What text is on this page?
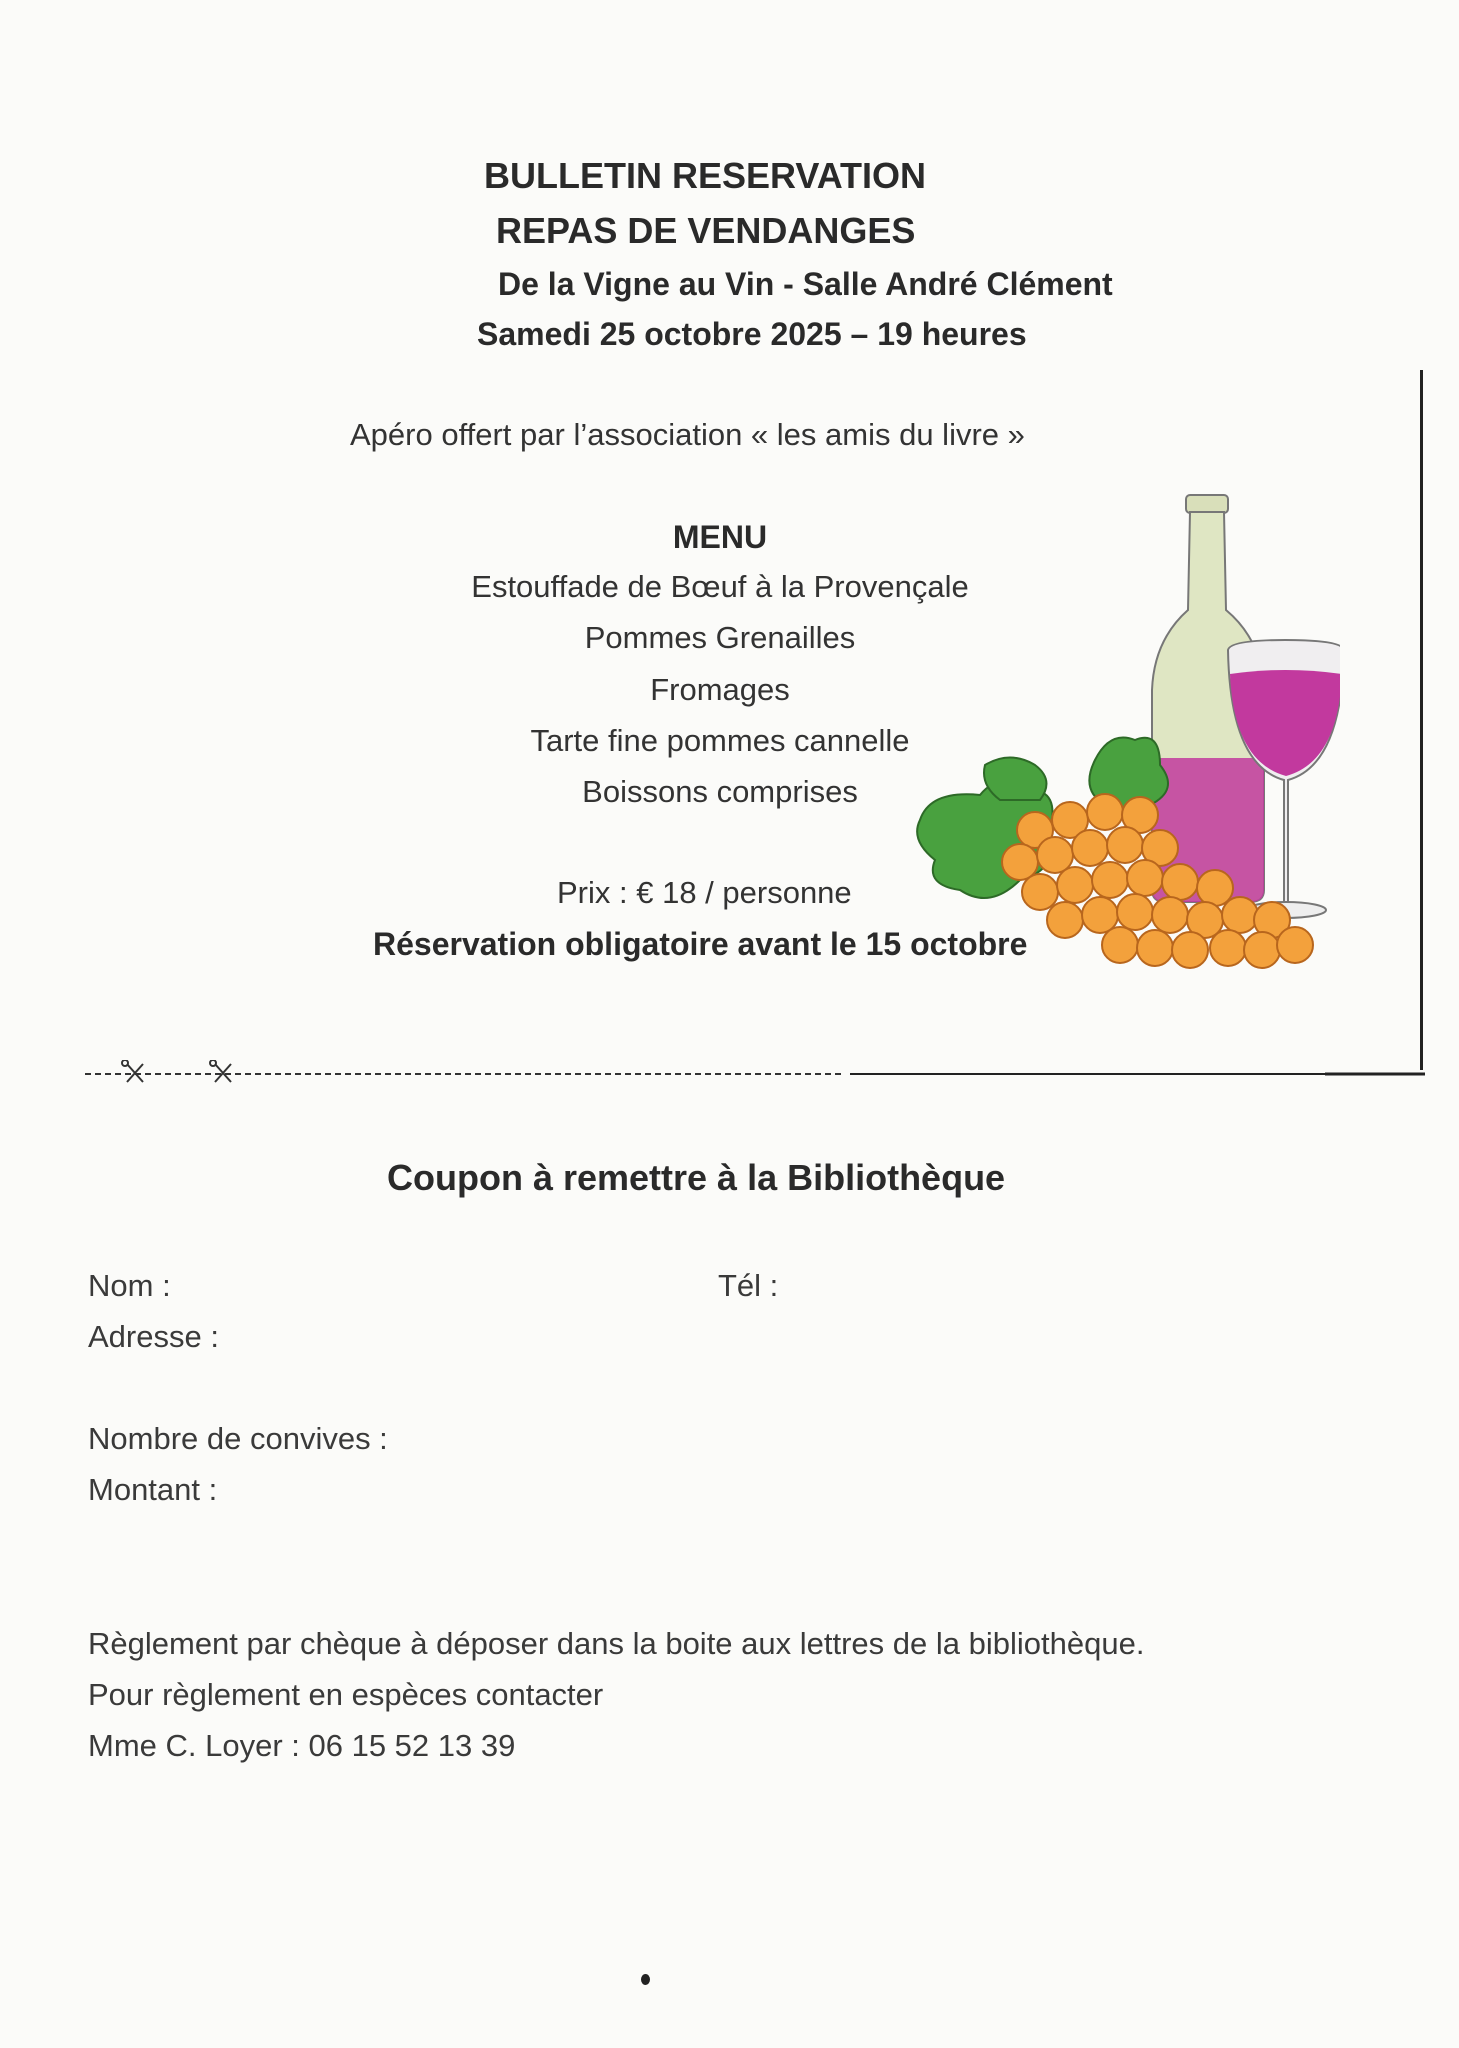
BULLETIN RESERVATION
REPAS DE VENDANGES
De la Vigne au Vin - Salle André Clément
Samedi 25 octobre 2025 – 19 heures
Apéro offert par l’association « les amis du livre »
MENU
Estouffade de Bœuf à la Provençale
Pommes Grenailles
Fromages
Tarte fine pommes cannelle
Boissons comprises
Prix : € 18 / personne
Réservation obligatoire avant le 15 octobre
Coupon à remettre à la Bibliothèque
Nom :	Tél :
Adresse :
Nombre de convives :
Montant :
Règlement par chèque à déposer dans la boite aux lettres de la bibliothèque.
Pour règlement en espèces contacter
Mme C. Loyer : 06 15 52 13 39
